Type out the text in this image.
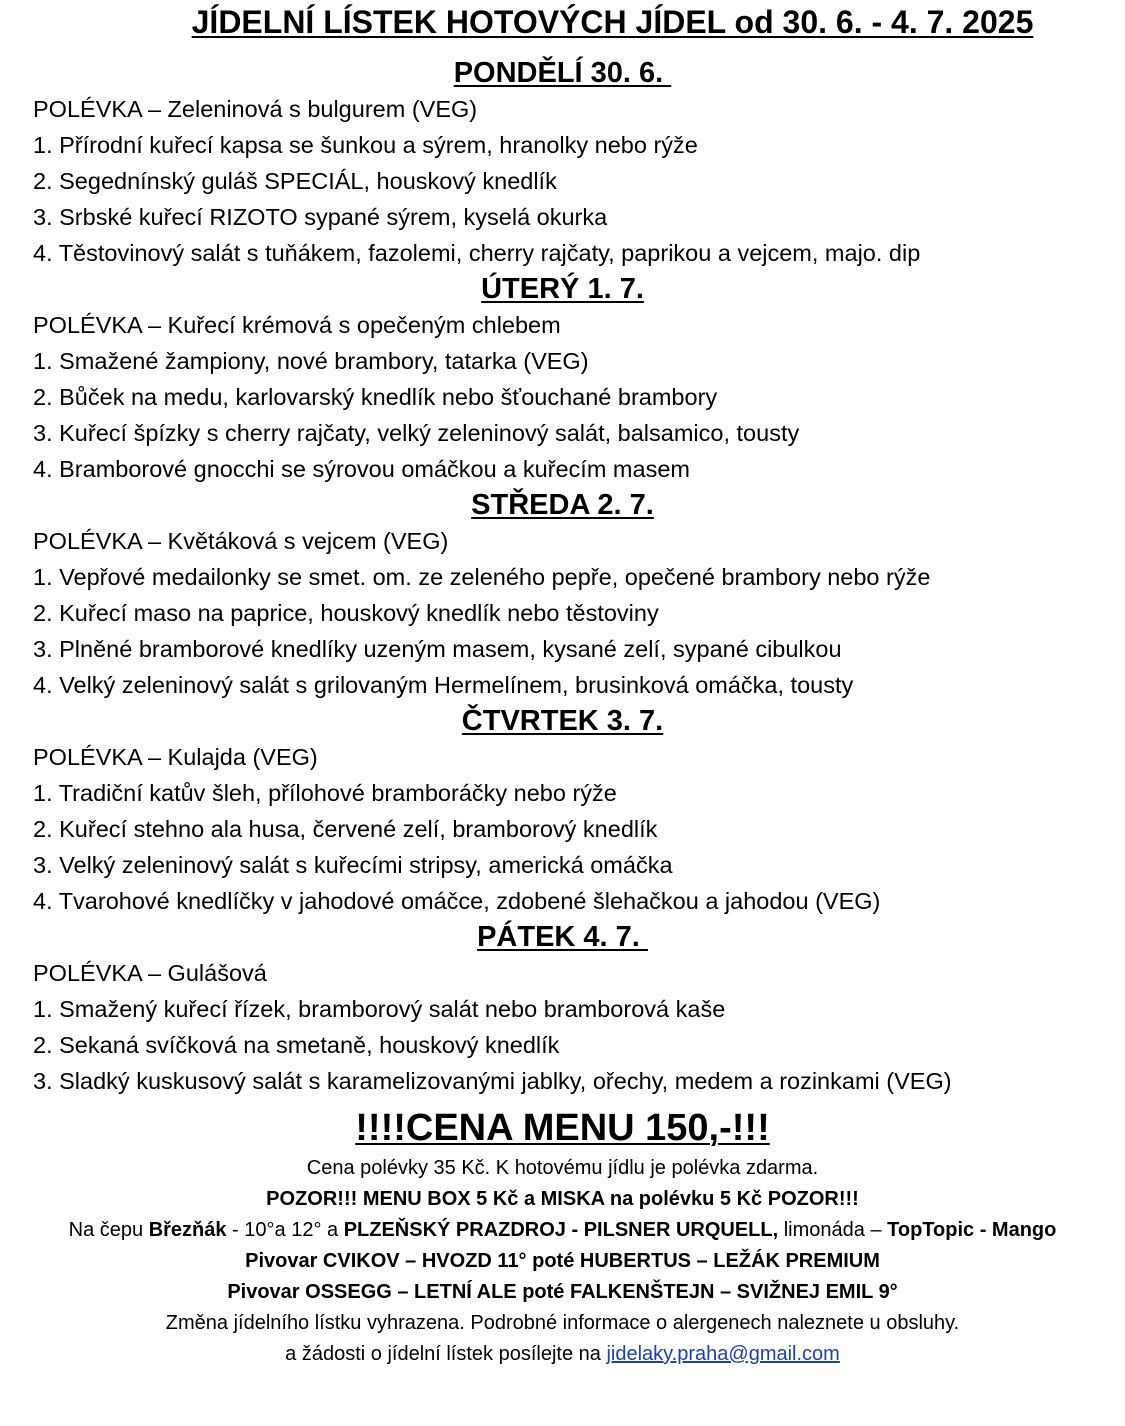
JÍDELNÍ LÍSTEK HOTOVÝCH JÍDEL od 30. 6. - 4. 7. 2025
PONDĚLÍ 30. 6.
POLÉVKA – Zeleninová s bulgurem (VEG)
1. Přírodní kuřecí kapsa se šunkou a sýrem, hranolky nebo rýže
2. Segednínský guláš SPECIÁL, houskový knedlík
3. Srbské kuřecí RIZOTO sypané sýrem, kyselá okurka
4. Těstovinový salát s tuňákem, fazolemi, cherry rajčaty, paprikou a vejcem, majo. dip
ÚTERÝ 1. 7.
POLÉVKA – Kuřecí krémová s opečeným chlebem
1. Smažené žampiony, nové brambory, tatarka (VEG)
2. Bůček na medu, karlovarský knedlík nebo šťouchané brambory
3. Kuřecí špízky s cherry rajčaty, velký zeleninový salát, balsamico, tousty
4. Bramborové gnocchi se sýrovou omáčkou a kuřecím masem
STŘEDA 2. 7.
POLÉVKA – Květáková s vejcem (VEG)
1. Vepřové medailonky se smet. om. ze zeleného pepře, opečené brambory nebo rýže
2. Kuřecí maso na paprice, houskový knedlík nebo těstoviny
3. Plněné bramborové knedlíky uzeným masem, kysané zelí, sypané cibulkou
4. Velký zeleninový salát s grilovaným Hermelínem, brusinková omáčka, tousty
ČTVRTEK 3. 7.
POLÉVKA – Kulajda (VEG)
1. Tradiční katův šleh, přílohové bramboráčky nebo rýže
2. Kuřecí stehno ala husa, červené zelí, bramborový knedlík
3. Velký zeleninový salát s kuřecími stripsy, americká omáčka
4. Tvarohové knedlíčky v jahodové omáčce, zdobené šlehačkou a jahodou (VEG)
PÁTEK 4. 7.
POLÉVKA – Gulášová
1. Smažený kuřecí řízek, bramborový salát nebo bramborová kaše
2. Sekaná svíčková na smetaně, houskový knedlík
3. Sladký kuskusový salát s karamelizovanými jablky, ořechy, medem a rozinkami (VEG)
!!!!CENA MENU 150,-!!!
Cena polévky 35 Kč. K hotovému jídlu je polévka zdarma.
POZOR!!! MENU BOX 5 Kč a MISKA na polévku 5 Kč POZOR!!!
Na čepu Březňák - 10°a 12° a PLZEŇSKÝ PRAZDROJ - PILSNER URQUELL, limonáda – TopTopic - Mango
Pivovar CVIKOV – HVOZD 11° poté HUBERTUS – LEŽÁK PREMIUM
Pivovar OSSEGG – LETNÍ ALE poté FALKENŠTEJN – SVIŽNEJ EMIL 9°
Změna jídelního lístku vyhrazena. Podrobné informace o alergenech naleznete u obsluhy.
a žádosti o jídelní lístek posílejte na jidelaky.praha@gmail.com
